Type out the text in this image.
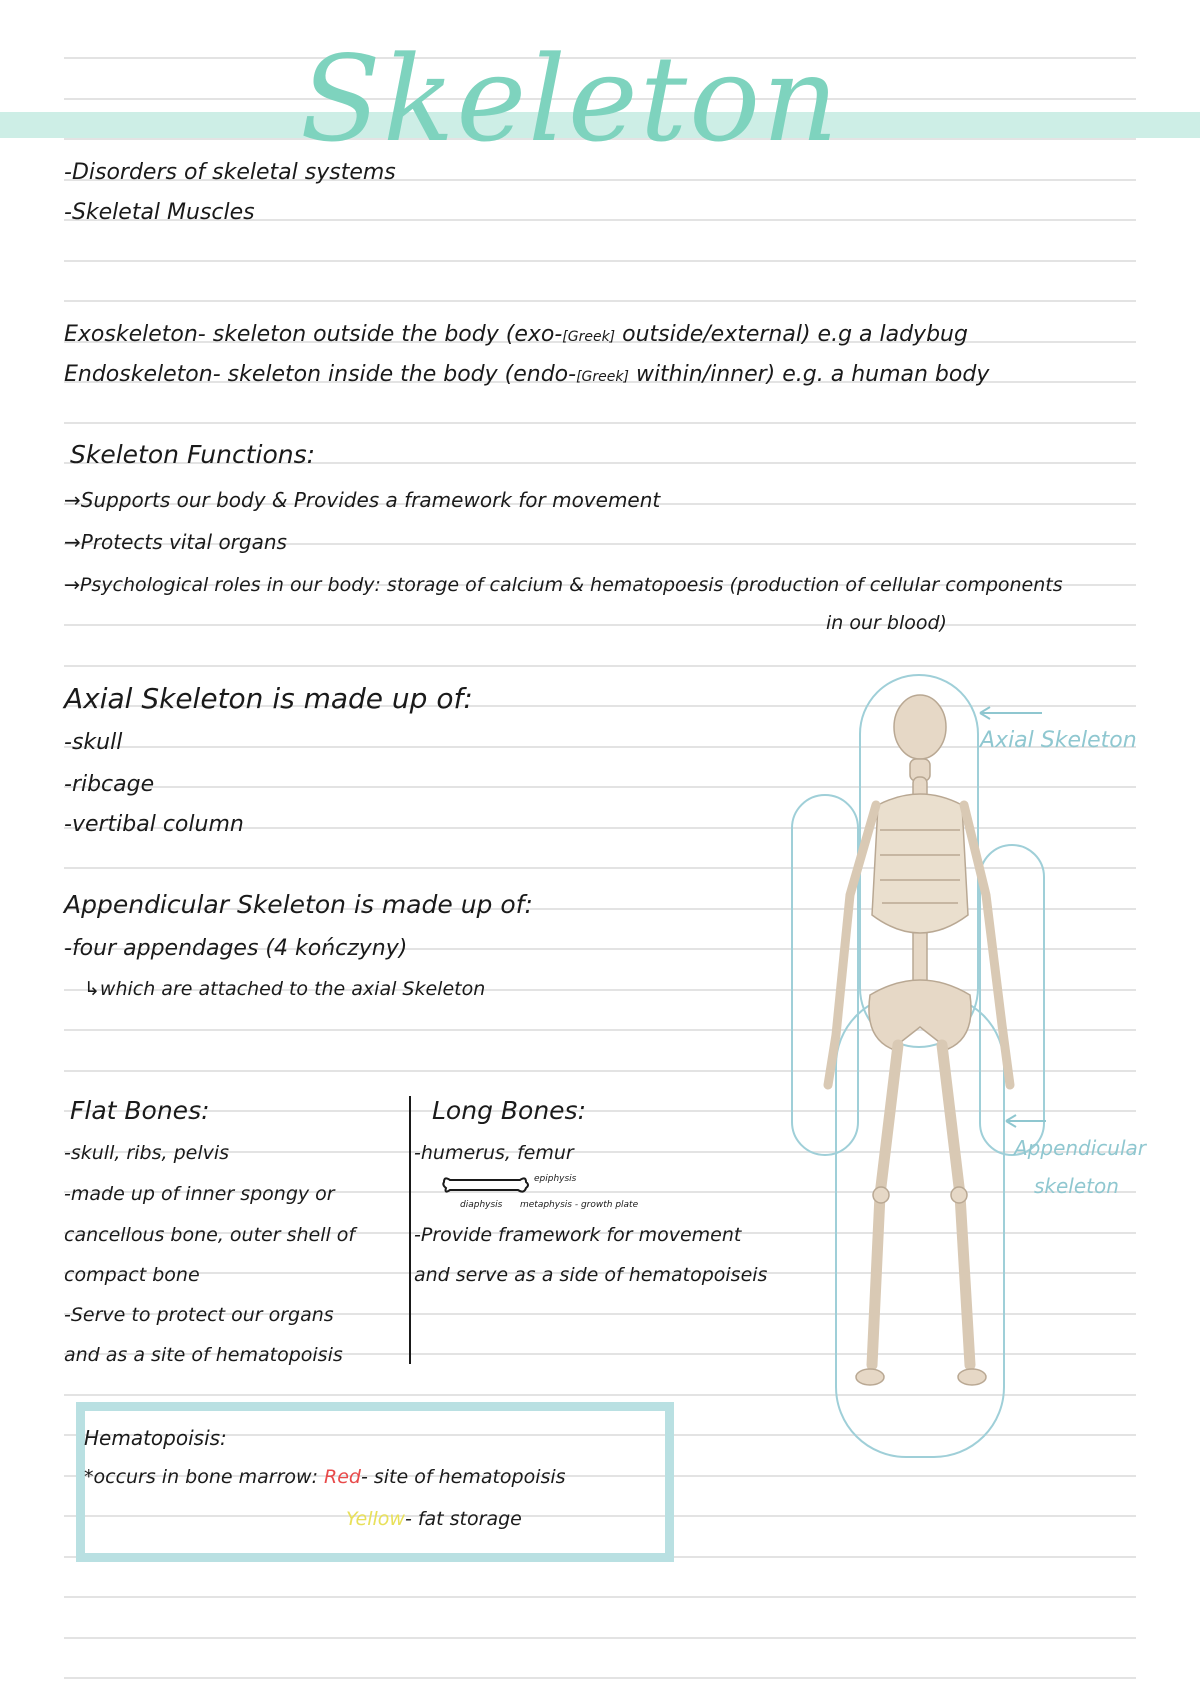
Skeleton
-Disorders of skeletal systems
-Skeletal Muscles
Exoskeleton- skeleton outside the body (exo-[Greek] outside/external) e.g a ladybug
Endoskeleton- skeleton inside the body (endo-[Greek] within/inner) e.g. a human body
Skeleton Functions:
→Supports our body & Provides a framework for movement
→Protects vital organs
→Psychological roles in our body: storage of calcium & hematopoesis (production of cellular components
in our blood)
Axial Skeleton is made up of:
-skull
-ribcage
-vertibal column
Appendicular Skeleton is made up of:
-four appendages (4 kończyny)
↳which are attached to the axial Skeleton
Flat Bones:
-skull, ribs, pelvis
-made up of inner spongy or
cancellous bone, outer shell of
compact bone
-Serve to protect our organs
and as a site of hematopoisis
Long Bones:
-humerus, femur
epiphysis
diaphysis metaphysis - growth plate
-Provide framework for movement
and serve as a side of hematopoiseis
Hematopoisis:
*occurs in bone marrow: Red- site of hematopoisis
Yellow- fat storage
Axial Skeleton
Appendicular
skeleton
